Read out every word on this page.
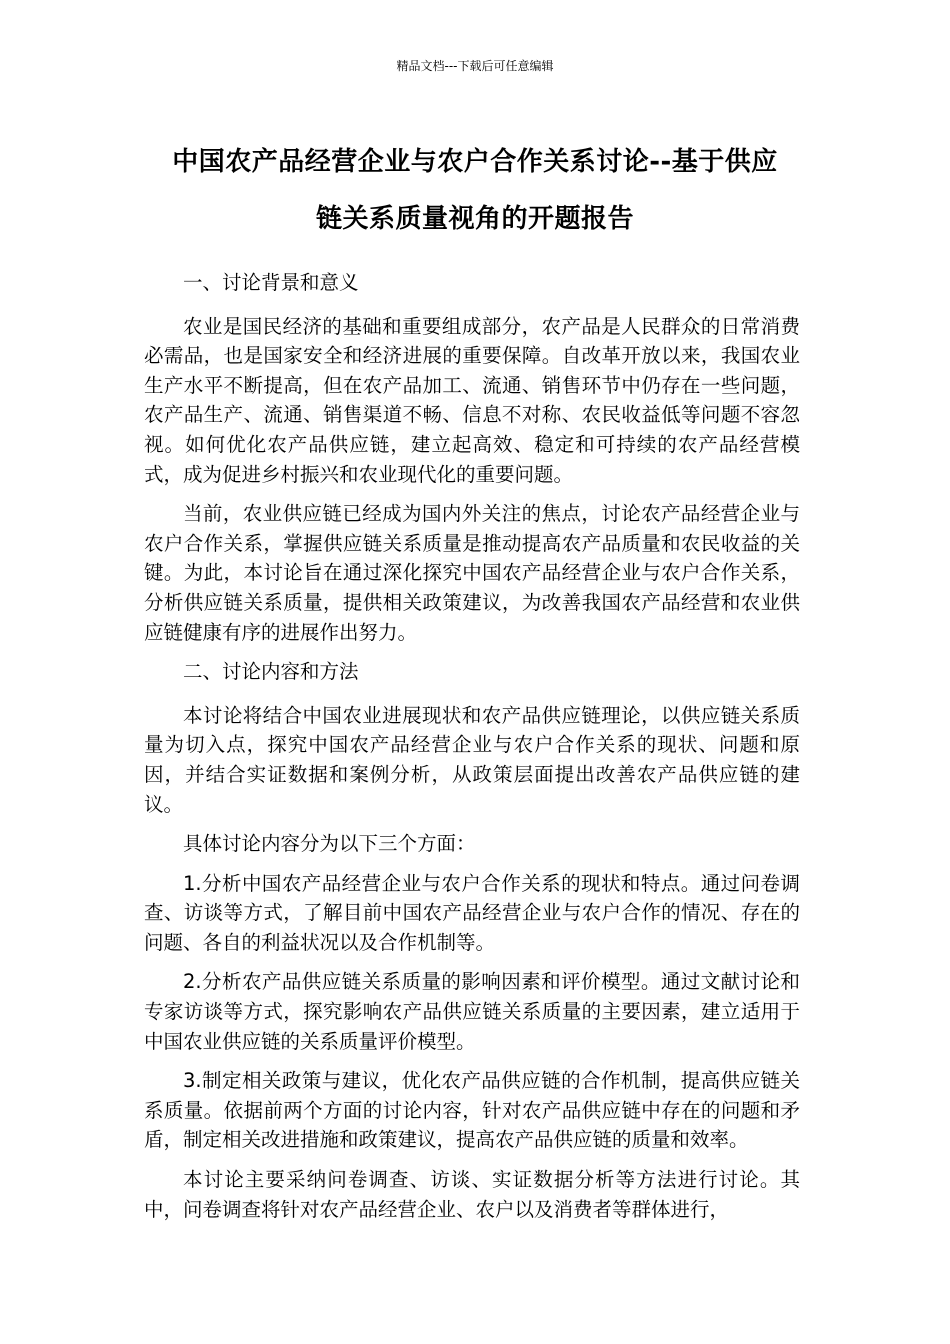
精品文档---下载后可任意编辑
中国农产品经营企业与农户合作关系讨论--基于供应
链关系质量视角的开题报告

一、讨论背景和意义

农业是国民经济的基础和重要组成部分，农产品是人民群众的日常消费必需品，也是国家安全和经济进展的重要保障。自改革开放以来，我国农业生产水平不断提高，但在农产品加工、流通、销售环节中仍存在一些问题，农产品生产、流通、销售渠道不畅、信息不对称、农民收益低等问题不容忽视。如何优化农产品供应链，建立起高效、稳定和可持续的农产品经营模式，成为促进乡村振兴和农业现代化的重要问题。

当前，农业供应链已经成为国内外关注的焦点，讨论农产品经营企业与农户合作关系，掌握供应链关系质量是推动提高农产品质量和农民收益的关键。为此，本讨论旨在通过深化探究中国农产品经营企业与农户合作关系，分析供应链关系质量，提供相关政策建议，为改善我国农产品经营和农业供应链健康有序的进展作出努力。

二、讨论内容和方法

本讨论将结合中国农业进展现状和农产品供应链理论，以供应链关系质量为切入点，探究中国农产品经营企业与农户合作关系的现状、问题和原因，并结合实证数据和案例分析，从政策层面提出改善农产品供应链的建议。

具体讨论内容分为以下三个方面：

1.分析中国农产品经营企业与农户合作关系的现状和特点。通过问卷调查、访谈等方式，了解目前中国农产品经营企业与农户合作的情况、存在的问题、各自的利益状况以及合作机制等。

2.分析农产品供应链关系质量的影响因素和评价模型。通过文献讨论和专家访谈等方式，探究影响农产品供应链关系质量的主要因素，建立适用于中国农业供应链的关系质量评价模型。

3.制定相关政策与建议，优化农产品供应链的合作机制，提高供应链关系质量。依据前两个方面的讨论内容，针对农产品供应链中存在的问题和矛盾，制定相关改进措施和政策建议，提高农产品供应链的质量和效率。

本讨论主要采纳问卷调查、访谈、实证数据分析等方法进行讨论。其中，问卷调查将针对农产品经营企业、农户以及消费者等群体进行，
